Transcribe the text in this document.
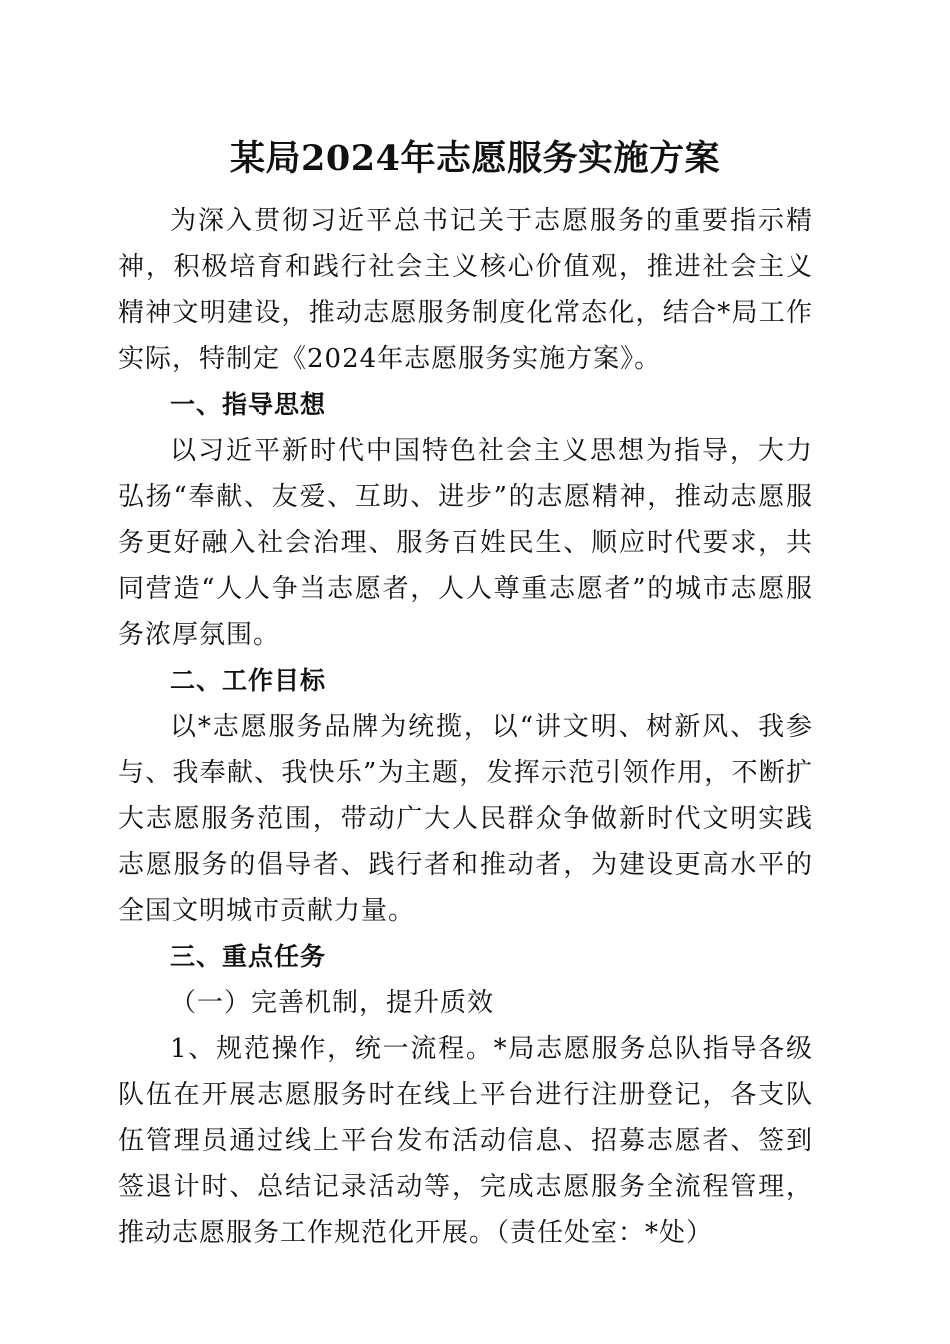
某局2024年志愿服务实施方案

为深入贯彻习近平总书记关于志愿服务的重要指示精神，积极培育和践行社会主义核心价值观，推进社会主义精神文明建设，推动志愿服务制度化常态化，结合*局工作实际，特制定《2024年志愿服务实施方案》。

一、指导思想

以习近平新时代中国特色社会主义思想为指导，大力弘扬“奉献、友爱、互助、进步”的志愿精神，推动志愿服务更好融入社会治理、服务百姓民生、顺应时代要求，共同营造“人人争当志愿者，人人尊重志愿者”的城市志愿服务浓厚氛围。

二、工作目标

以*志愿服务品牌为统揽，以“讲文明、树新风、我参与、我奉献、我快乐”为主题，发挥示范引领作用，不断扩大志愿服务范围，带动广大人民群众争做新时代文明实践志愿服务的倡导者、践行者和推动者，为建设更高水平的全国文明城市贡献力量。

三、重点任务

（一）完善机制，提升质效

1、规范操作，统一流程。*局志愿服务总队指导各级队伍在开展志愿服务时在线上平台进行注册登记，各支队伍管理员通过线上平台发布活动信息、招募志愿者、签到签退计时、总结记录活动等，完成志愿服务全流程管理，推动志愿服务工作规范化开展。（责任处室：*处）
